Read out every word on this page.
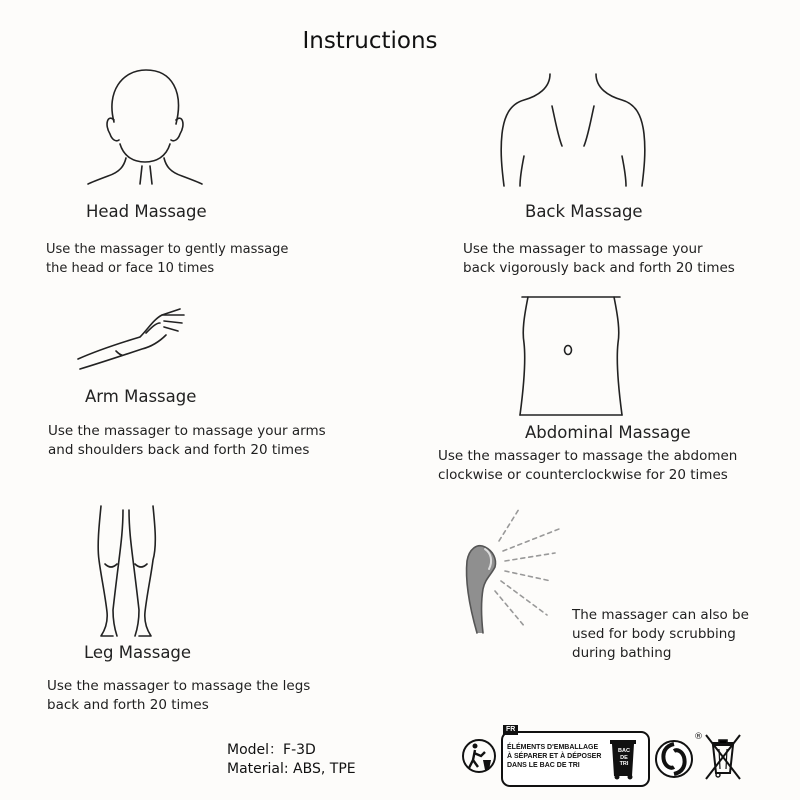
Instructions
Head Massage
Use the massager to gently massage
the head or face 10 times
Back Massage
Use the massager to massage your
back vigorously back and forth 20 times
Arm Massage
Use the massager to massage your arms
and shoulders back and forth 20 times
Abdominal Massage
Use the massager to massage the abdomen
clockwise or counterclockwise for 20 times
Leg Massage
Use the massager to massage the legs
back and forth 20 times
The massager can also be
used for body scrubbing
during bathing
Model：F-3D
Material: ABS, TPE
FR
ÉLÉMENTS D'EMBALLAGE
À SÉPARER ET À DÉPOSER
DANS LE BAC DE TRI
BAC
DE
TRI
®
